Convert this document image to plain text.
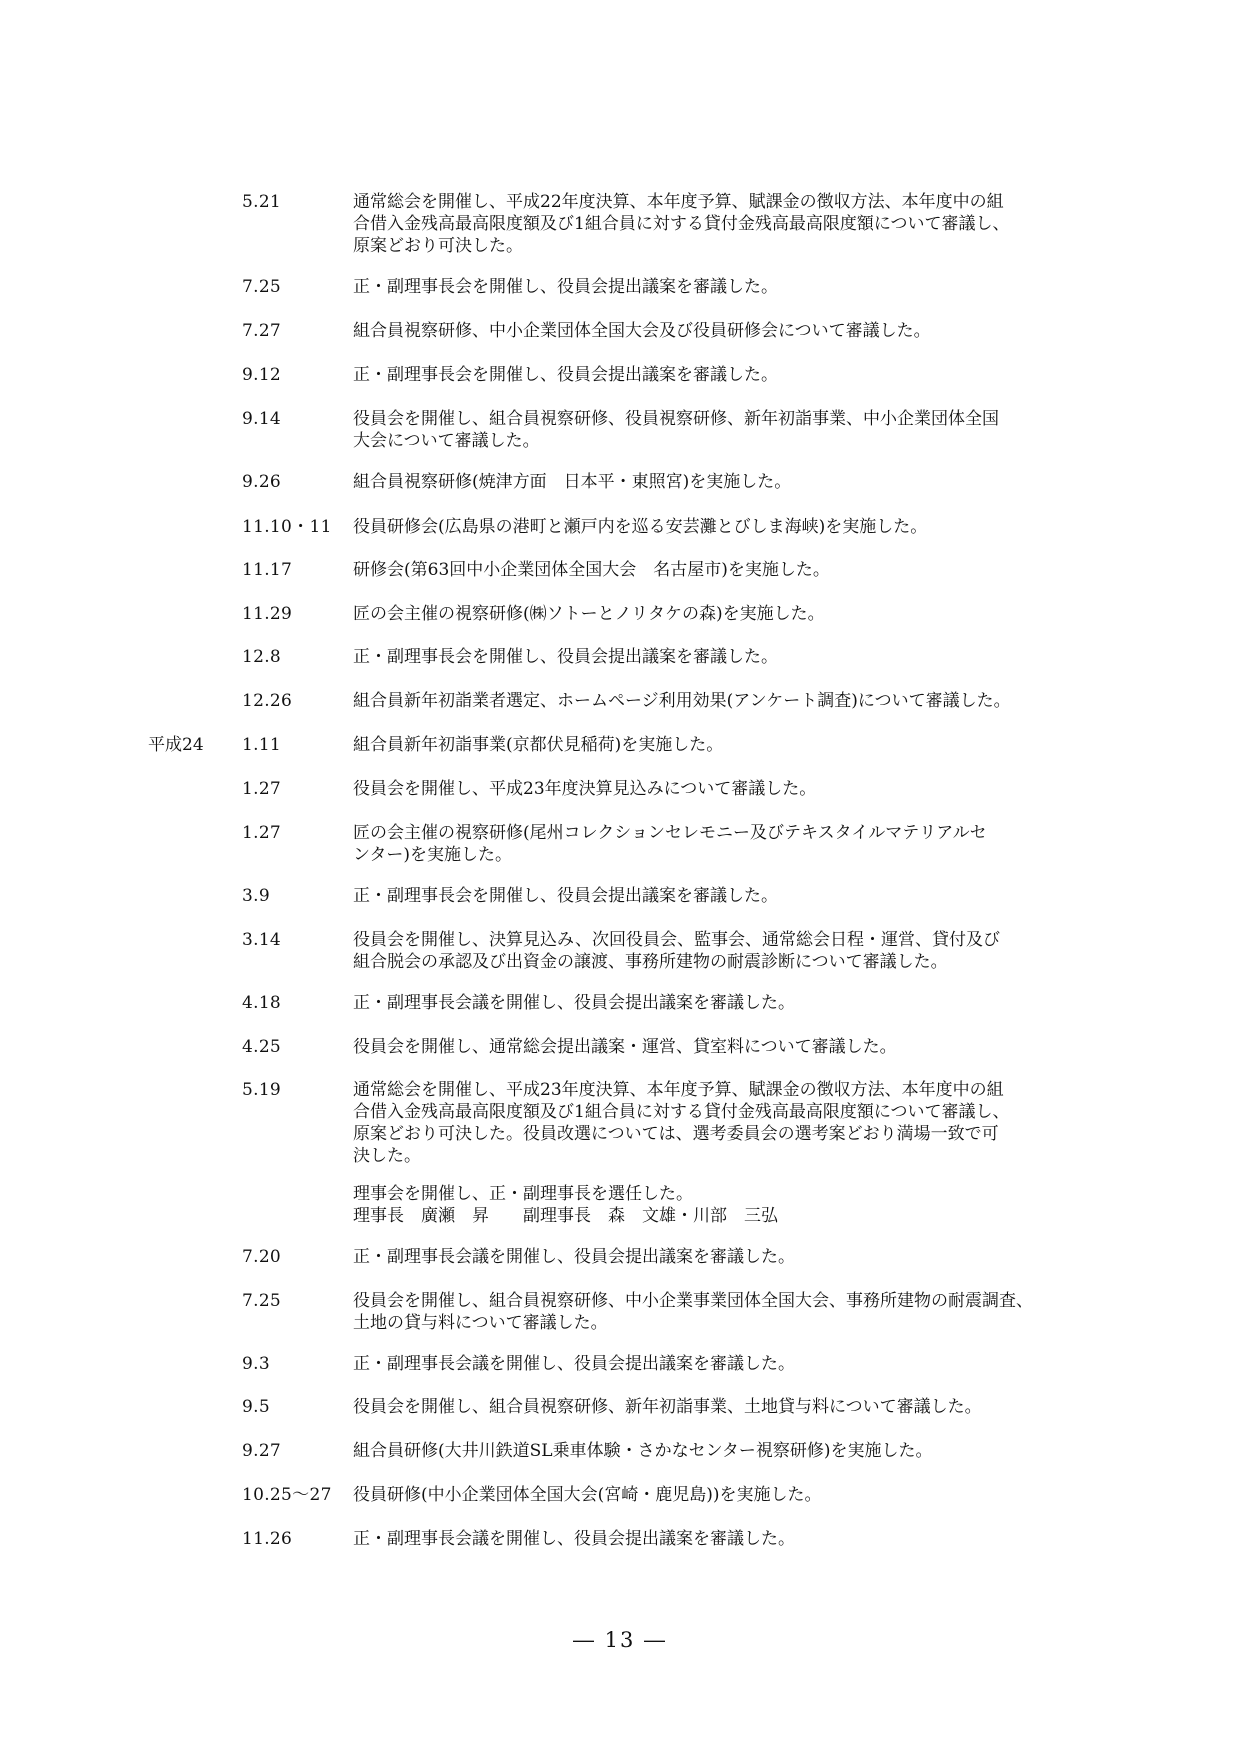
5.21	通常総会を開催し、平成22年度決算、本年度予算、賦課金の徴収方法、本年度中の組
合借入金残高最高限度額及び1組合員に対する貸付金残高最高限度額について審議し、
原案どおり可決した。
7.25	正・副理事長会を開催し、役員会提出議案を審議した。
7.27	組合員視察研修、中小企業団体全国大会及び役員研修会について審議した。
9.12	正・副理事長会を開催し、役員会提出議案を審議した。
9.14	役員会を開催し、組合員視察研修、役員視察研修、新年初詣事業、中小企業団体全国
大会について審議した。
9.26	組合員視察研修(焼津方面　日本平・東照宮)を実施した。
11.10・11 役員研修会(広島県の港町と瀬戸内を巡る安芸灘とびしま海峡)を実施した。
11.17	研修会(第63回中小企業団体全国大会　名古屋市)を実施した。
11.29	匠の会主催の視察研修(㈱ソトーとノリタケの森)を実施した。
12.8	正・副理事長会を開催し、役員会提出議案を審議した。
12.26	組合員新年初詣業者選定、ホームページ利用効果(アンケート調査)について審議した。
平成24 1.11	組合員新年初詣事業(京都伏見稲荷)を実施した。
1.27	役員会を開催し、平成23年度決算見込みについて審議した。
1.27	匠の会主催の視察研修(尾州コレクションセレモニー及びテキスタイルマテリアルセ
ンター)を実施した。
3.9	正・副理事長会を開催し、役員会提出議案を審議した。
3.14	役員会を開催し、決算見込み、次回役員会、監事会、通常総会日程・運営、貸付及び
組合脱会の承認及び出資金の譲渡、事務所建物の耐震診断について審議した。
4.18	正・副理事長会議を開催し、役員会提出議案を審議した。
4.25	役員会を開催し、通常総会提出議案・運営、貸室料について審議した。
5.19	通常総会を開催し、平成23年度決算、本年度予算、賦課金の徴収方法、本年度中の組
合借入金残高最高限度額及び1組合員に対する貸付金残高最高限度額について審議し、
原案どおり可決した。役員改選については、選考委員会の選考案どおり満場一致で可
決した。
理事会を開催し、正・副理事長を選任した。
理事長　廣瀬　昇　　副理事長　森　文雄・川部　三弘
7.20	正・副理事長会議を開催し、役員会提出議案を審議した。
7.25	役員会を開催し、組合員視察研修、中小企業事業団体全国大会、事務所建物の耐震調査、
土地の貸与料について審議した。
9.3	正・副理事長会議を開催し、役員会提出議案を審議した。
9.5	役員会を開催し、組合員視察研修、新年初詣事業、土地貸与料について審議した。
9.27	組合員研修(大井川鉄道SL乗車体験・さかなセンター視察研修)を実施した。
10.25～27 役員研修(中小企業団体全国大会(宮崎・鹿児島))を実施した。
11.26	正・副理事長会議を開催し、役員会提出議案を審議した。
― 13 ―
